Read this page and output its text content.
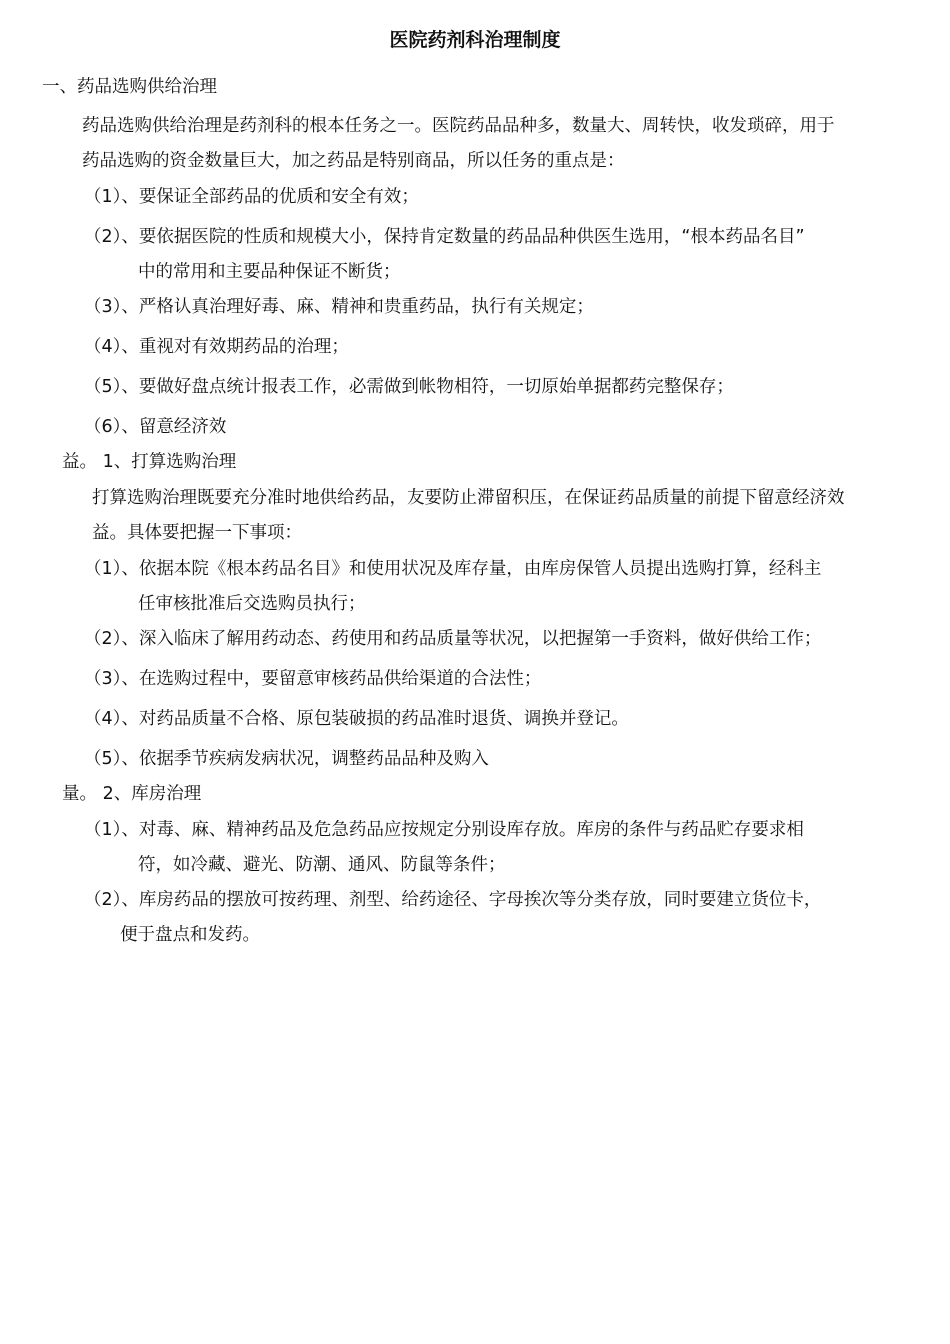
医院药剂科治理制度
一、药品选购供给治理
药品选购供给治理是药剂科的根本任务之一。医院药品品种多，数量大、周转快，收发琐碎，用于
药品选购的资金数量巨大，加之药品是特别商品，所以任务的重点是：
（1）、要保证全部药品的优质和安全有效；
（2）、要依据医院的性质和规模大小，保持肯定数量的药品品种供医生选用，“根本药品名目”
中的常用和主要品种保证不断货；
（3）、严格认真治理好毒、麻、精神和贵重药品，执行有关规定；
（4）、重视对有效期药品的治理；
（5）、要做好盘点统计报表工作，必需做到帐物相符，一切原始单据都药完整保存；
（6）、留意经济效
益。 1、打算选购治理
打算选购治理既要充分准时地供给药品，友要防止滞留积压，在保证药品质量的前提下留意经济效
益。具体要把握一下事项：
（1）、依据本院《根本药品名目》和使用状况及库存量，由库房保管人员提出选购打算，经科主
任审核批准后交选购员执行；
（2）、深入临床了解用药动态、药使用和药品质量等状况，以把握第一手资料，做好供给工作；
（3）、在选购过程中，要留意审核药品供给渠道的合法性；
（4）、对药品质量不合格、原包装破损的药品准时退货、调换并登记。
（5）、依据季节疾病发病状况，调整药品品种及购入
量。 2、库房治理
（1）、对毒、麻、精神药品及危急药品应按规定分别设库存放。库房的条件与药品贮存要求相
符，如冷藏、避光、防潮、通风、防鼠等条件；
（2）、库房药品的摆放可按药理、剂型、给药途径、字母挨次等分类存放，同时要建立货位卡，
便于盘点和发药。
